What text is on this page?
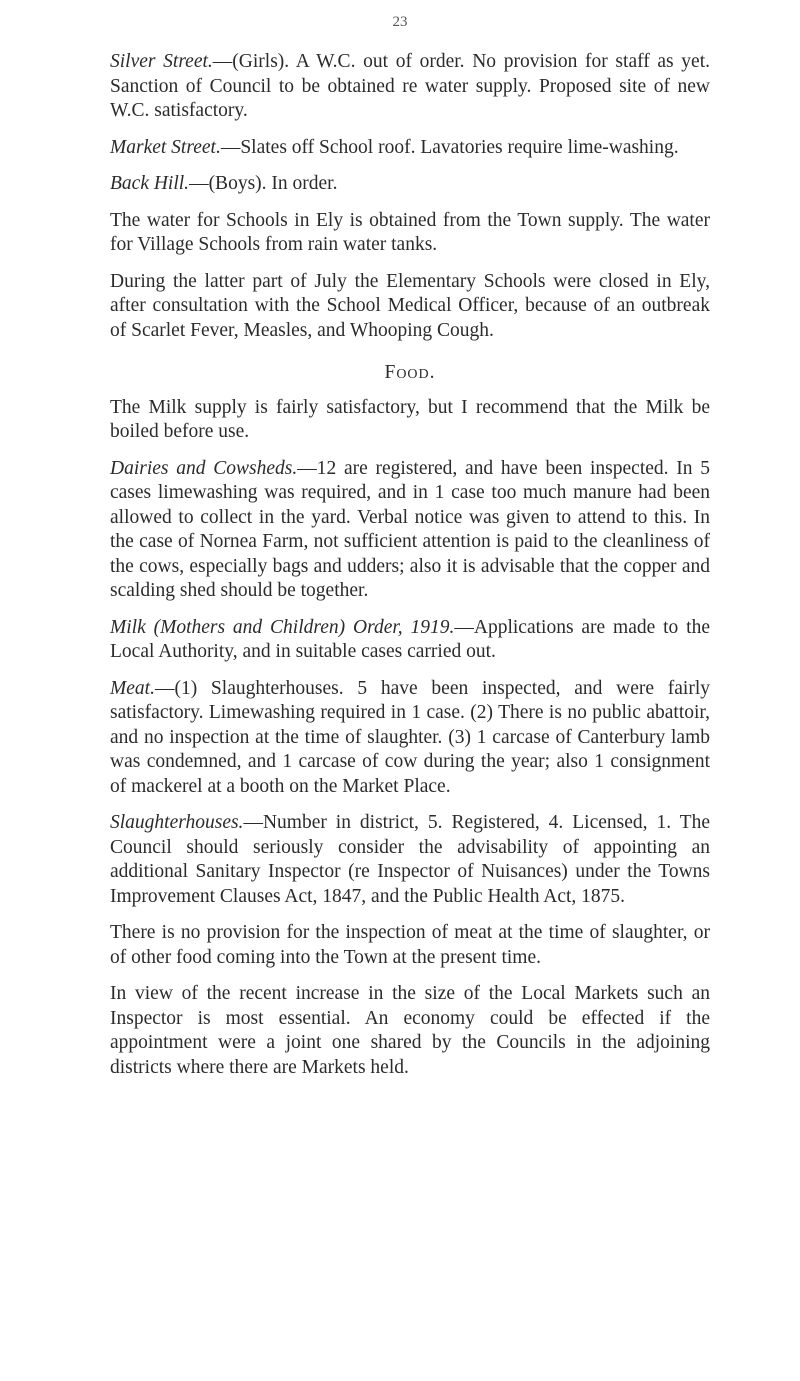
23

Silver Street.—(Girls). A W.C. out of order. No provision for staff as yet. Sanction of Council to be obtained re water supply. Proposed site of new W.C. satisfactory.

Market Street.—Slates off School roof. Lavatories require lime-washing.

Back Hill.—(Boys). In order.

The water for Schools in Ely is obtained from the Town supply. The water for Village Schools from rain water tanks.

During the latter part of July the Elementary Schools were closed in Ely, after consultation with the School Medical Officer, because of an outbreak of Scarlet Fever, Measles, and Whooping Cough.

Food.

The Milk supply is fairly satisfactory, but I recommend that the Milk be boiled before use.

Dairies and Cowsheds.—12 are registered, and have been inspected. In 5 cases limewashing was required, and in 1 case too much manure had been allowed to collect in the yard. Verbal notice was given to attend to this. In the case of Nornea Farm, not sufficient attention is paid to the cleanliness of the cows, especially bags and udders; also it is advisable that the copper and scalding shed should be together.

Milk (Mothers and Children) Order, 1919.—Applications are made to the Local Authority, and in suitable cases carried out.

Meat.—(1) Slaughterhouses. 5 have been inspected, and were fairly satisfactory. Limewashing required in 1 case. (2) There is no public abattoir, and no inspection at the time of slaughter. (3) 1 carcase of Canterbury lamb was condemned, and 1 carcase of cow during the year; also 1 consignment of mackerel at a booth on the Market Place.

Slaughterhouses.—Number in district, 5. Registered, 4. Licensed, 1. The Council should seriously consider the advisability of appointing an additional Sanitary Inspector (re Inspector of Nuisances) under the Towns Improvement Clauses Act, 1847, and the Public Health Act, 1875.

There is no provision for the inspection of meat at the time of slaughter, or of other food coming into the Town at the present time.

In view of the recent increase in the size of the Local Markets such an Inspector is most essential. An economy could be effected if the appointment were a joint one shared by the Councils in the adjoining districts where there are Markets held.
